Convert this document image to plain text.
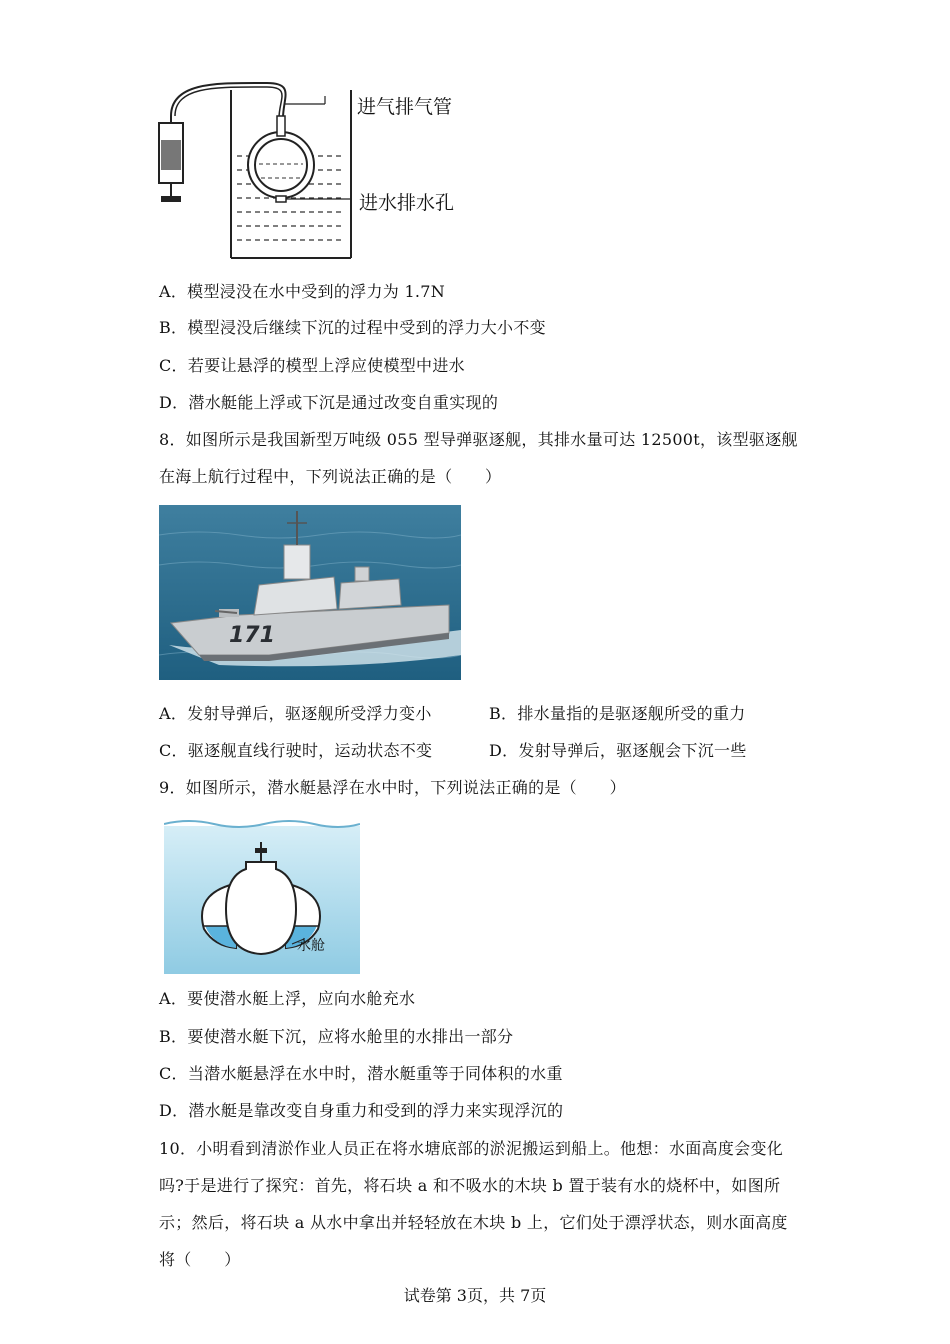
进气排气管
进水排水孔
A．模型浸没在水中受到的浮力为 1.7N
B．模型浸没后继续下沉的过程中受到的浮力大小不变
C．若要让悬浮的模型上浮应使模型中进水
D．潜水艇能上浮或下沉是通过改变自重实现的
8．如图所示是我国新型万吨级 055 型导弹驱逐舰，其排水量可达 12500t，该型驱逐舰
在海上航行过程中，下列说法正确的是（　　）
171
A．发射导弹后，驱逐舰所受浮力变小	B．排水量指的是驱逐舰所受的重力
C．驱逐舰直线行驶时，运动状态不变	D．发射导弹后，驱逐舰会下沉一些
9．如图所示，潜水艇悬浮在水中时，下列说法正确的是（　　）
水舱
A．要使潜水艇上浮，应向水舱充水
B．要使潜水艇下沉，应将水舱里的水排出一部分
C．当潜水艇悬浮在水中时，潜水艇重等于同体积的水重
D．潜水艇是靠改变自身重力和受到的浮力来实现浮沉的
10．小明看到清淤作业人员正在将水塘底部的淤泥搬运到船上。他想：水面高度会变化
吗?于是进行了探究：首先，将石块 a 和不吸水的木块 b 置于装有水的烧杯中，如图所
示；然后，将石块 a 从水中拿出并轻轻放在木块 b 上，它们处于漂浮状态，则水面高度
将（　　）
试卷第 3页，共 7页
